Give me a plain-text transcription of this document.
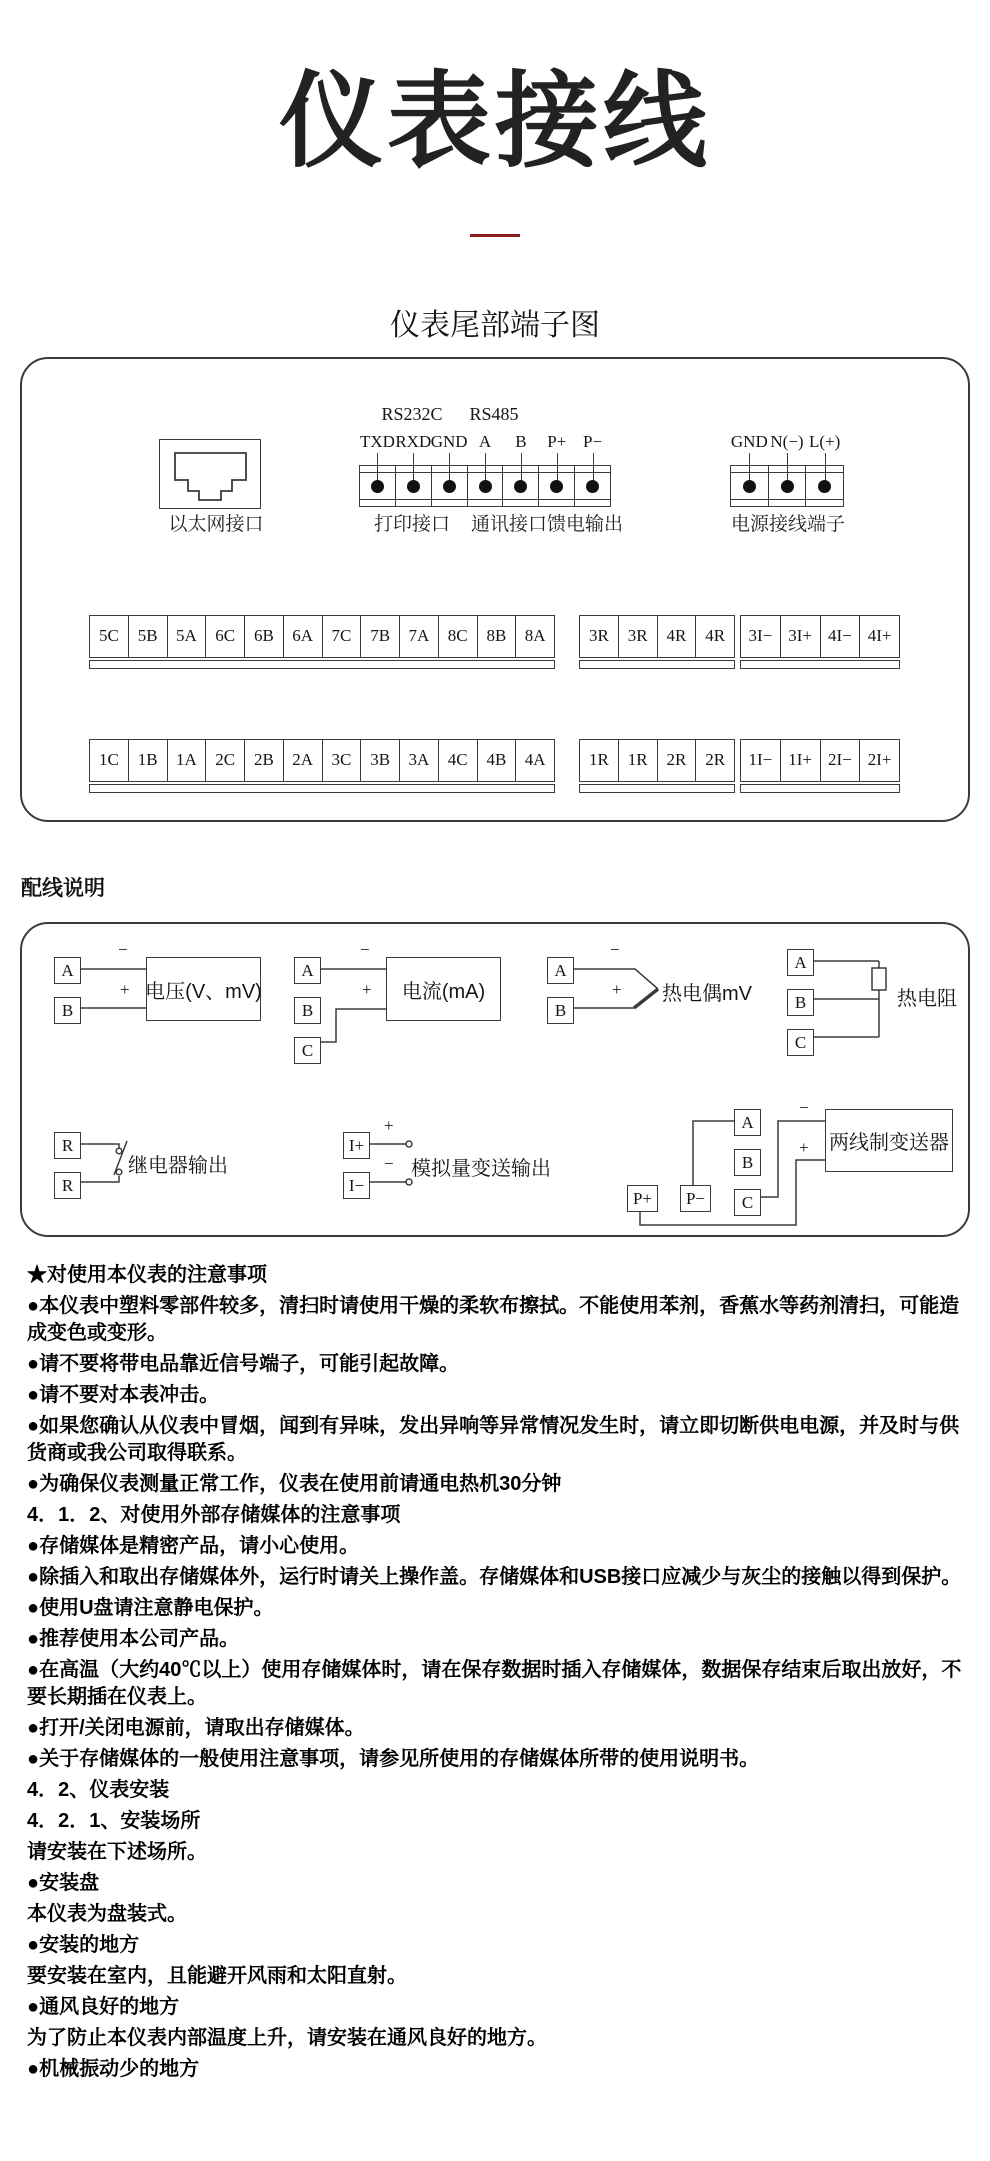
仪表接线
仪表尾部端子图
以太网接口
RS232C	RS485
TXD RXD GND A B P+ P−
打印接口	通讯接口 馈电输出
GND N(−) L(+)
电源接线端子
5C	5B	5A	6C	6B	6A	7C	7B	7A	8C	8B	8A	3R	3R	4R	4R	3I− 3I+ 4I− 4I+
1C	1B	1A	2C	2B	2A	3C	3B	3A	4C	4B	4A	1R	1R	2R	2R	1I− 1I+ 2I− 2I+
配线说明
A
B
−
+ 电压(V、mV)
A
B
C
−
+	电流(mA)
A
B
−
+ 热电偶mV
A
B
C
热电阻
R
R
继电器输出
I+
I−
+
− 模拟量变送输出
A
B
C
P+	P−
−
+ 两线制变送器

★对使用本仪表的注意事项

●本仪表中塑料零部件较多，清扫时请使用干燥的柔软布擦拭。不能使用苯剂，香蕉水等药剂清扫，可能造成变色或变形。

●请不要将带电品靠近信号端子，可能引起故障。

●请不要对本表冲击。

●如果您确认从仪表中冒烟，闻到有异味，发出异响等异常情况发生时，请立即切断供电电源，并及时与供货商或我公司取得联系。

●为确保仪表测量正常工作，仪表在使用前请通电热机30分钟

4．1．2、对使用外部存储媒体的注意事项

●存储媒体是精密产品，请小心使用。

●除插入和取出存储媒体外，运行时请关上操作盖。存储媒体和USB接口应减少与灰尘的接触以得到保护。

●使用U盘请注意静电保护。

●推荐使用本公司产品。

●在高温（大约40℃以上）使用存储媒体时，请在保存数据时插入存储媒体，数据保存结束后取出放好，不要长期插在仪表上。

●打开/关闭电源前，请取出存储媒体。

●关于存储媒体的一般使用注意事项，请参见所使用的存储媒体所带的使用说明书。

4．2、仪表安装

4．2．1、安装场所

请安装在下述场所。

●安装盘

本仪表为盘装式。

●安装的地方

要安装在室内，且能避开风雨和太阳直射。

●通风良好的地方

为了防止本仪表内部温度上升，请安装在通风良好的地方。

●机械振动少的地方
